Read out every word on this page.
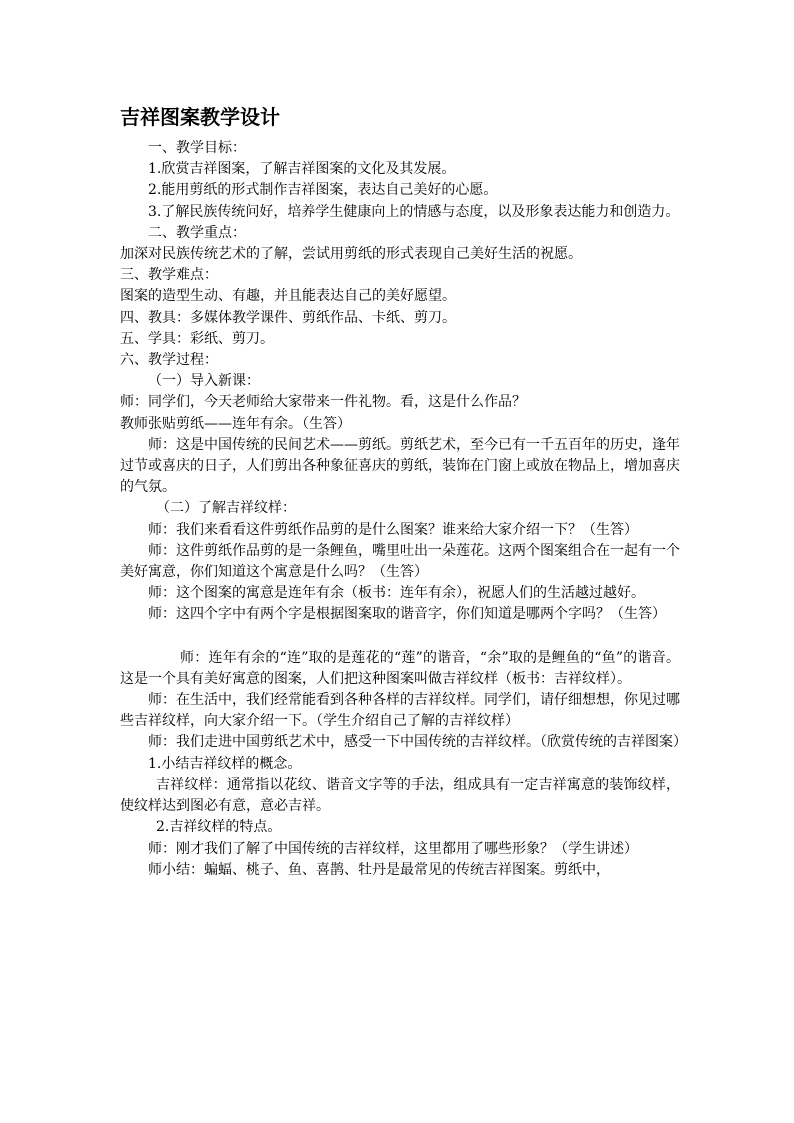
吉祥图案教学设计

一、教学目标：

1.欣赏吉祥图案，了解吉祥图案的文化及其发展。

2.能用剪纸的形式制作吉祥图案，表达自己美好的心愿。

3.了解民族传统问好，培养学生健康向上的情感与态度，以及形象表达能力和创造力。

二、教学重点：

加深对民族传统艺术的了解，尝试用剪纸的形式表现自己美好生活的祝愿。

三、教学难点：

图案的造型生动、有趣，并且能表达自己的美好愿望。

四、教具：多媒体教学课件、剪纸作品、卡纸、剪刀。

五、学具：彩纸、剪刀。

六、教学过程：

（一）导入新课：

师：同学们，今天老师给大家带来一件礼物。看，这是什么作品？

教师张贴剪纸——连年有余。（生答）

师：这是中国传统的民间艺术——剪纸。剪纸艺术，至今已有一千五百年的历史，逢年过节或喜庆的日子，人们剪出各种象征喜庆的剪纸，装饰在门窗上或放在物品上，增加喜庆的气氛。

（二）了解吉祥纹样：

师：我们来看看这件剪纸作品剪的是什么图案？谁来给大家介绍一下？（生答）

师：这件剪纸作品剪的是一条鲤鱼，嘴里吐出一朵莲花。这两个图案组合在一起有一个美好寓意，你们知道这个寓意是什么吗？（生答）

师：这个图案的寓意是连年有余（板书：连年有余），祝愿人们的生活越过越好。

师：这四个字中有两个字是根据图案取的谐音字，你们知道是哪两个字吗？（生答）

师：连年有余的“连”取的是莲花的“莲”的谐音，“余”取的是鲤鱼的“鱼”的谐音。这是一个具有美好寓意的图案，人们把这种图案叫做吉祥纹样（板书：吉祥纹样）。

师：在生活中，我们经常能看到各种各样的吉祥纹样。同学们，请仔细想想，你见过哪些吉祥纹样，向大家介绍一下。（学生介绍自己了解的吉祥纹样）

师：我们走进中国剪纸艺术中，感受一下中国传统的吉祥纹样。（欣赏传统的吉祥图案）

1.小结吉祥纹样的概念。

吉祥纹样：通常指以花纹、谐音文字等的手法，组成具有一定吉祥寓意的装饰纹样，使纹样达到图必有意，意必吉祥。

2.吉祥纹样的特点。

师：刚才我们了解了中国传统的吉祥纹样，这里都用了哪些形象？（学生讲述）

师小结：蝙蝠、桃子、鱼、喜鹊、牡丹是最常见的传统吉祥图案。剪纸中，
